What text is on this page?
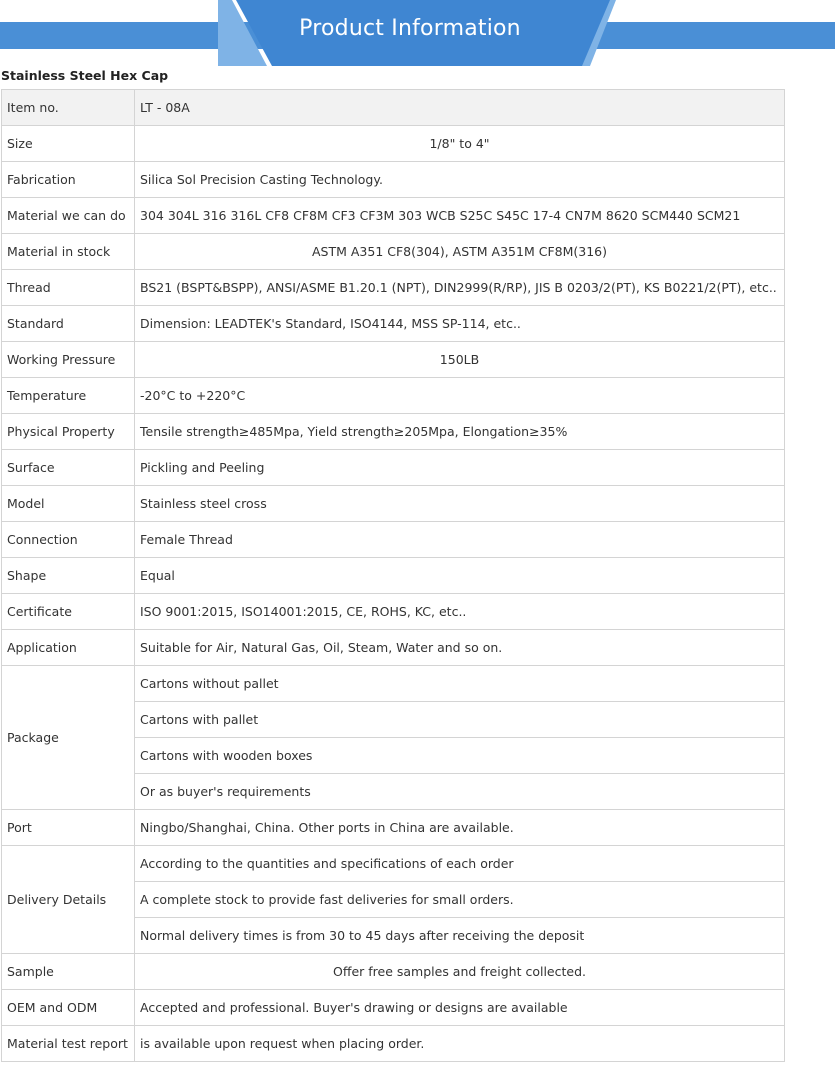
Product Information
Stainless Steel Hex Cap
Item no.	LT - 08A
Size	1/8" to 4"
Fabrication	Silica Sol Precision Casting Technology.
Material we can do	304 304L 316 316L CF8 CF8M CF3 CF3M 303 WCB S25C S45C 17-4 CN7M 8620 SCM440 SCM21
Material in stock	ASTM A351 CF8(304), ASTM A351M CF8M(316)
Thread	BS21 (BSPT&BSPP), ANSI/ASME B1.20.1 (NPT), DIN2999(R/RP), JIS B 0203/2(PT), KS B0221/2(PT), etc..
Standard	Dimension: LEADTEK's Standard, ISO4144, MSS SP-114, etc..
Working Pressure	150LB
Temperature	-20°C to +220°C
Physical Property	Tensile strength≥485Mpa, Yield strength≥205Mpa, Elongation≥35%
Surface	Pickling and Peeling
Model	Stainless steel cross
Connection	Female Thread
Shape	Equal
Certificate	ISO 9001:2015, ISO14001:2015, CE, ROHS, KC, etc..
Application	Suitable for Air, Natural Gas, Oil, Steam, Water and so on.
Package	Cartons without pallet
	Cartons with pallet
	Cartons with wooden boxes
	Or as buyer's requirements
Port	Ningbo/Shanghai, China. Other ports in China are available.
Delivery Details	According to the quantities and specifications of each order
	A complete stock to provide fast deliveries for small orders.
	Normal delivery times is from 30 to 45 days after receiving the deposit
Sample	Offer free samples and freight collected.
OEM and ODM	Accepted and professional. Buyer's drawing or designs are available
Material test report	is available upon request when placing order.
